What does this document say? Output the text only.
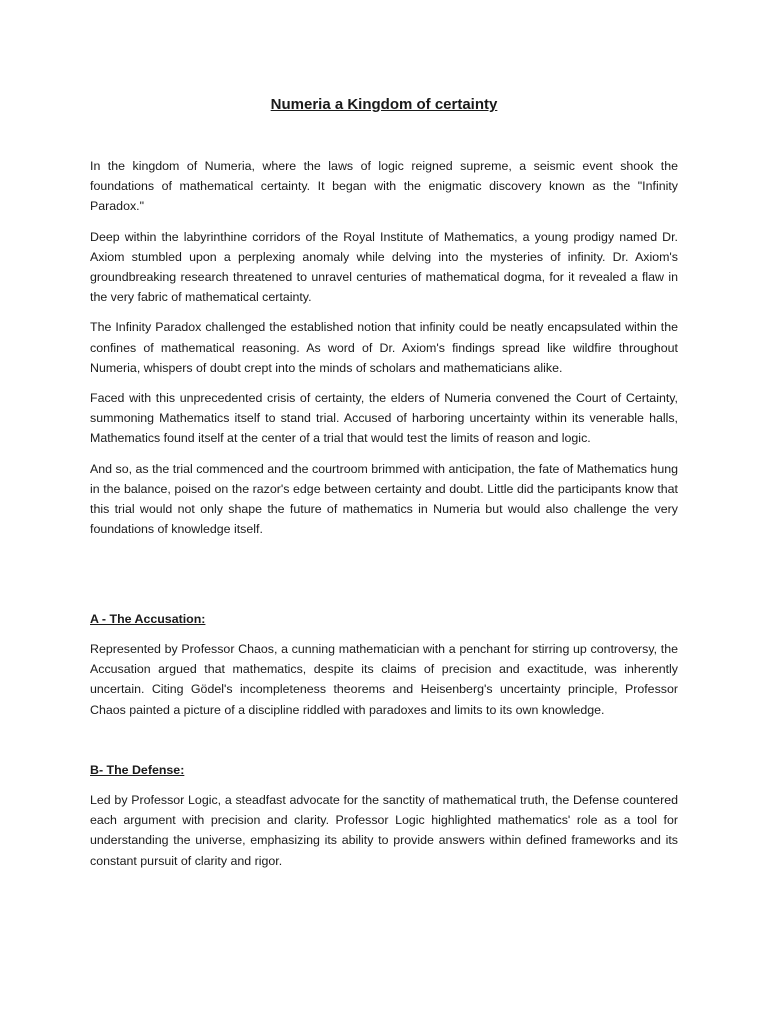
Numeria a Kingdom of certainty

In the kingdom of Numeria, where the laws of logic reigned supreme, a seismic event shook the foundations of mathematical certainty. It began with the enigmatic discovery known as the "Infinity Paradox."

Deep within the labyrinthine corridors of the Royal Institute of Mathematics, a young prodigy named Dr. Axiom stumbled upon a perplexing anomaly while delving into the mysteries of infinity. Dr. Axiom's groundbreaking research threatened to unravel centuries of mathematical dogma, for it revealed a flaw in the very fabric of mathematical certainty.

The Infinity Paradox challenged the established notion that infinity could be neatly encapsulated within the confines of mathematical reasoning. As word of Dr. Axiom's findings spread like wildfire throughout Numeria, whispers of doubt crept into the minds of scholars and mathematicians alike.

Faced with this unprecedented crisis of certainty, the elders of Numeria convened the Court of Certainty, summoning Mathematics itself to stand trial. Accused of harboring uncertainty within its venerable halls, Mathematics found itself at the center of a trial that would test the limits of reason and logic.

And so, as the trial commenced and the courtroom brimmed with anticipation, the fate of Mathematics hung in the balance, poised on the razor's edge between certainty and doubt. Little did the participants know that this trial would not only shape the future of mathematics in Numeria but would also challenge the very foundations of knowledge itself.

A - The Accusation:

Represented by Professor Chaos, a cunning mathematician with a penchant for stirring up controversy, the Accusation argued that mathematics, despite its claims of precision and exactitude, was inherently uncertain. Citing Gödel's incompleteness theorems and Heisenberg's uncertainty principle, Professor Chaos painted a picture of a discipline riddled with paradoxes and limits to its own knowledge.

B- The Defense:

Led by Professor Logic, a steadfast advocate for the sanctity of mathematical truth, the Defense countered each argument with precision and clarity. Professor Logic highlighted mathematics' role as a tool for understanding the universe, emphasizing its ability to provide answers within defined frameworks and its constant pursuit of clarity and rigor.
